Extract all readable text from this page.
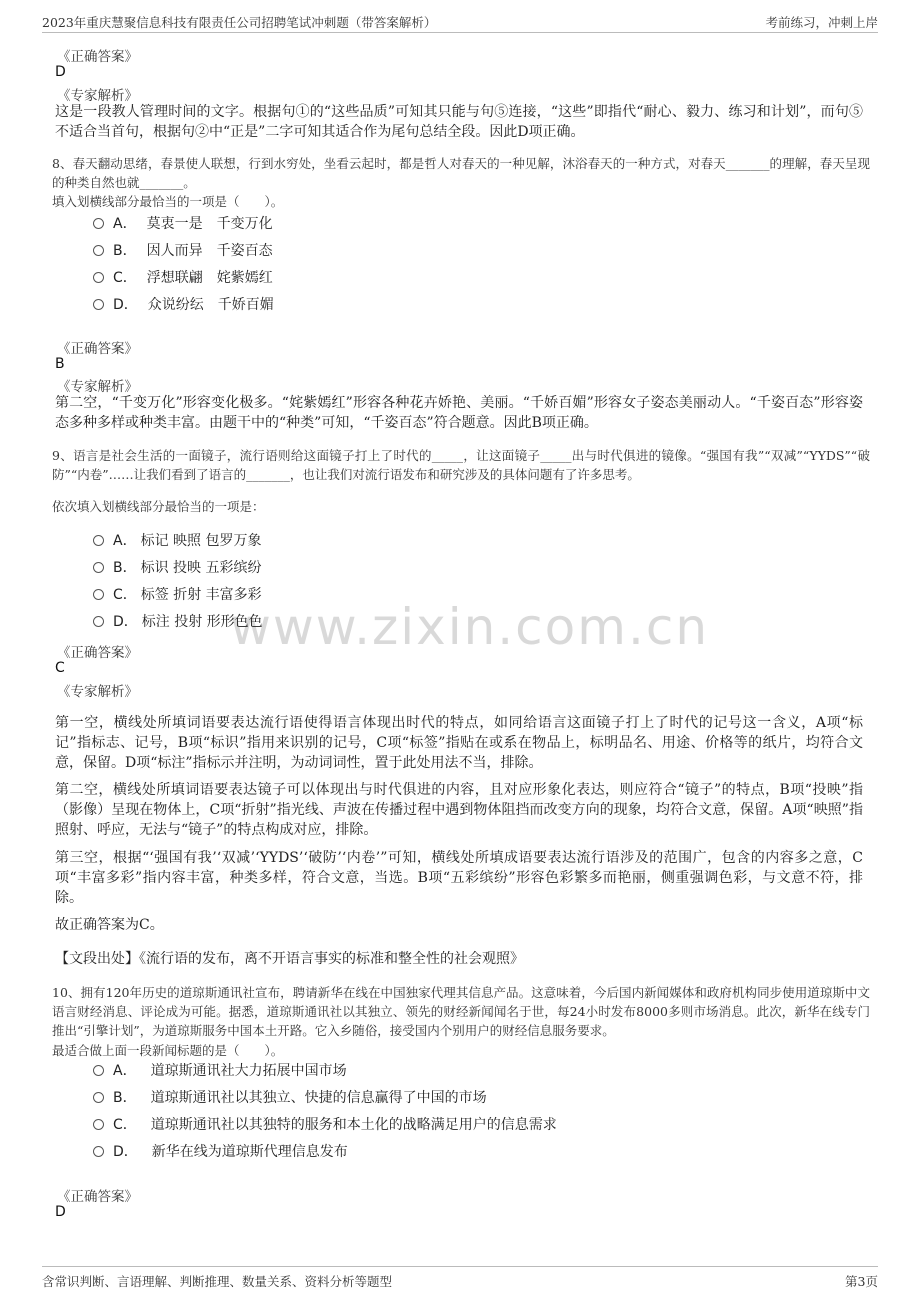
2023年重庆慧聚信息科技有限责任公司招聘笔试冲刺题（带答案解析）	考前练习，冲刺上岸
www.zixin.com.cn
《正确答案》
D
《专家解析》
这是一段教人管理时间的文字。根据句①的“这些品质”可知其只能与句⑤连接，“这些”即指代“耐心、毅力、练习和计划”，而句⑤不适合当首句，根据句②中“正是”二字可知其适合作为尾句总结全段。因此D项正确。
8、春天翻动思绪，春景使人联想，行到水穷处，坐看云起时，都是哲人对春天的一种见解，沐浴春天的一种方式，对春天_______的理解，春天呈现的种类自然也就_______。
填入划横线部分最恰当的一项是（　　）。
A． 莫衷一是　千变万化
B． 因人而异　千姿百态
C． 浮想联翩　姹紫嫣红
D． 众说纷纭　千娇百媚
《正确答案》
B
《专家解析》
第二空，“千变万化”形容变化极多。“姹紫嫣红”形容各种花卉娇艳、美丽。“千娇百媚”形容女子姿态美丽动人。“千姿百态”形容姿态多种多样或种类丰富。由题干中的“种类”可知，“千姿百态”符合题意。因此B项正确。
9、语言是社会生活的一面镜子，流行语则给这面镜子打上了时代的_____，让这面镜子_____出与时代俱进的镜像。“强国有我”“双减”“YYDS”“破防”“内卷”……让我们看到了语言的_______，也让我们对流行语发布和研究涉及的具体问题有了许多思考。
依次填入划横线部分最恰当的一项是：
A． 标记 映照 包罗万象
B． 标识 投映 五彩缤纷
C． 标签 折射 丰富多彩
D． 标注 投射 形形色色
《正确答案》
C
《专家解析》
第一空，横线处所填词语要表达流行语使得语言体现出时代的特点，如同给语言这面镜子打上了时代的记号这一含义，A项“标记”指标志、记号，B项“标识”指用来识别的记号，C项“标签”指贴在或系在物品上，标明品名、用途、价格等的纸片，均符合文意，保留。D项“标注”指标示并注明，为动词词性，置于此处用法不当，排除。
第二空，横线处所填词语要表达镜子可以体现出与时代俱进的内容，且对应形象化表达，则应符合“镜子”的特点，B项“投映”指（影像）呈现在物体上，C项“折射”指光线、声波在传播过程中遇到物体阻挡而改变方向的现象，均符合文意，保留。A项“映照”指照射、呼应，无法与“镜子”的特点构成对应，排除。
第三空，根据“‘强国有我’‘双减’‘YYDS’‘破防’‘内卷’”可知，横线处所填成语要表达流行语涉及的范围广，包含的内容多之意，C项“丰富多彩”指内容丰富，种类多样，符合文意，当选。B项“五彩缤纷”形容色彩繁多而艳丽，侧重强调色彩，与文意不符，排除。
故正确答案为C。
【文段出处】《流行语的发布，离不开语言事实的标准和整全性的社会观照》
10、拥有120年历史的道琼斯通讯社宣布，聘请新华在线在中国独家代理其信息产品。这意味着，今后国内新闻媒体和政府机构同步使用道琼斯中文语言财经消息、评论成为可能。据悉，道琼斯通讯社以其独立、领先的财经新闻闻名于世，每24小时发布8000多则市场消息。此次，新华在线专门推出“引擎计划”，为道琼斯服务中国本土开路。它入乡随俗，接受国内个别用户的财经信息服务要求。
最适合做上面一段新闻标题的是（　　）。
A． 道琼斯通讯社大力拓展中国市场
B． 道琼斯通讯社以其独立、快捷的信息赢得了中国的市场
C． 道琼斯通讯社以其独特的服务和本土化的战略满足用户的信息需求
D． 新华在线为道琼斯代理信息发布
《正确答案》
D
含常识判断、言语理解、判断推理、数量关系、资料分析等题型	第3页
